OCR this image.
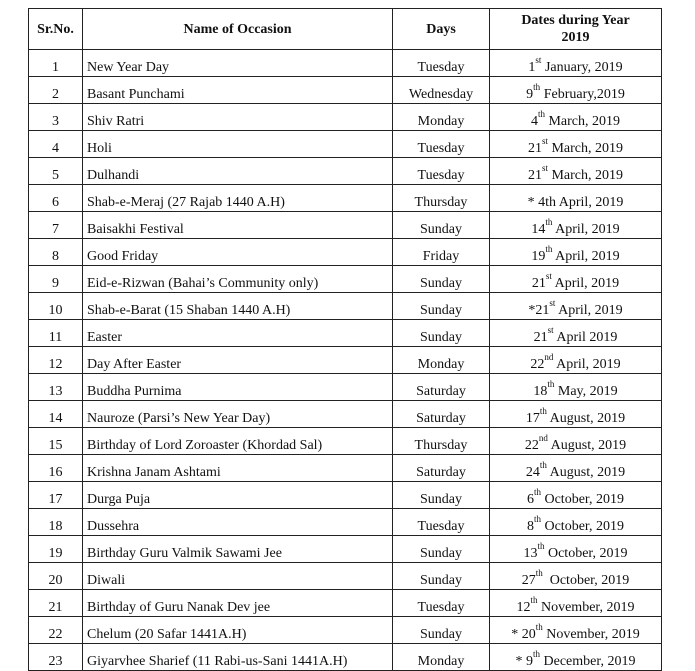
Sr.No.	Name of Occasion	Days	Dates during Year
2019

1	New Year Day	Tuesday	1st January, 2019
2	Basant Punchami	Wednesday	9th February,2019
3	Shiv Ratri	Monday	4th March, 2019
4	Holi	Tuesday	21st March, 2019
5	Dulhandi	Tuesday	21st March, 2019
6	Shab-e-Meraj (27 Rajab 1440 A.H)	Thursday	* 4th April, 2019
7	Baisakhi Festival	Sunday	14th April, 2019
8	Good Friday	Friday	19th April, 2019
9	Eid-e-Rizwan (Bahai’s Community only)	Sunday	21st April, 2019
10	Shab-e-Barat (15 Shaban 1440 A.H)	Sunday	*21st April, 2019
11	Easter	Sunday	21st April 2019
12	Day After Easter	Monday	22nd April, 2019
13	Buddha Purnima	Saturday	18th May, 2019
14	Nauroze (Parsi’s New Year Day)	Saturday	17th August, 2019
15	Birthday of Lord Zoroaster (Khordad Sal)	Thursday	22nd August, 2019
16	Krishna Janam Ashtami	Saturday	24th August, 2019
17	Durga Puja	Sunday	6th October, 2019
18	Dussehra	Tuesday	8th October, 2019
19	Birthday Guru Valmik Sawami Jee	Sunday	13th October, 2019
20	Diwali	Sunday	27th  October, 2019
21	Birthday of Guru Nanak Dev jee	Tuesday	12th November, 2019
22	Chelum (20 Safar 1441A.H)	Sunday	* 20th November, 2019
23	Giyarvhee Sharief (11 Rabi-us-Sani 1441A.H)	Monday	* 9th December, 2019
